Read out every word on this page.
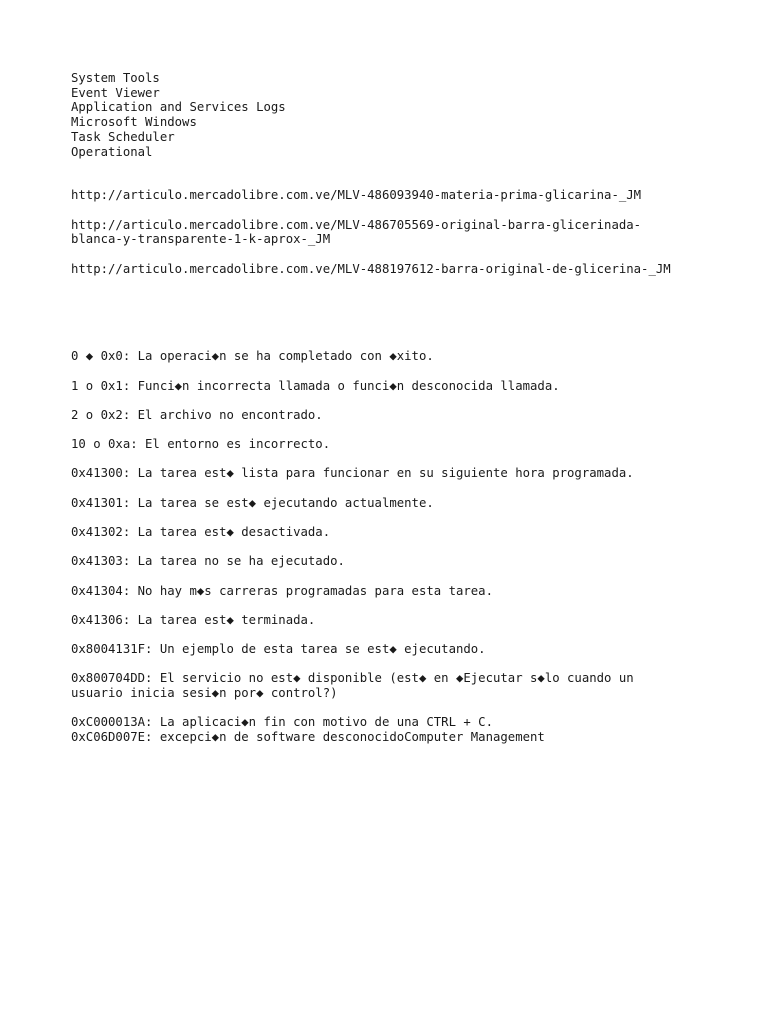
System Tools
Event Viewer
Application and Services Logs
Microsoft Windows
Task Scheduler
Operational
http://articulo.mercadolibre.com.ve/MLV-486093940-materia-prima-glicarina-_JM
http://articulo.mercadolibre.com.ve/MLV-486705569-original-barra-glicerinada-
blanca-y-transparente-1-k-aprox-_JM
http://articulo.mercadolibre.com.ve/MLV-488197612-barra-original-de-glicerina-_JM
0 ◆ 0x0: La operaci◆n se ha completado con ◆xito.
1 o 0x1: Funci◆n incorrecta llamada o funci◆n desconocida llamada.
2 o 0x2: El archivo no encontrado.
10 o 0xa: El entorno es incorrecto.
0x41300: La tarea est◆ lista para funcionar en su siguiente hora programada.
0x41301: La tarea se est◆ ejecutando actualmente.
0x41302: La tarea est◆ desactivada.
0x41303: La tarea no se ha ejecutado.
0x41304: No hay m◆s carreras programadas para esta tarea.
0x41306: La tarea est◆ terminada.
0x8004131F: Un ejemplo de esta tarea se est◆ ejecutando.
0x800704DD: El servicio no est◆ disponible (est◆ en ◆Ejecutar s◆lo cuando un
usuario inicia sesi◆n por◆ control?)
0xC000013A: La aplicaci◆n fin con motivo de una CTRL + C.
0xC06D007E: excepci◆n de software desconocidoComputer Management
